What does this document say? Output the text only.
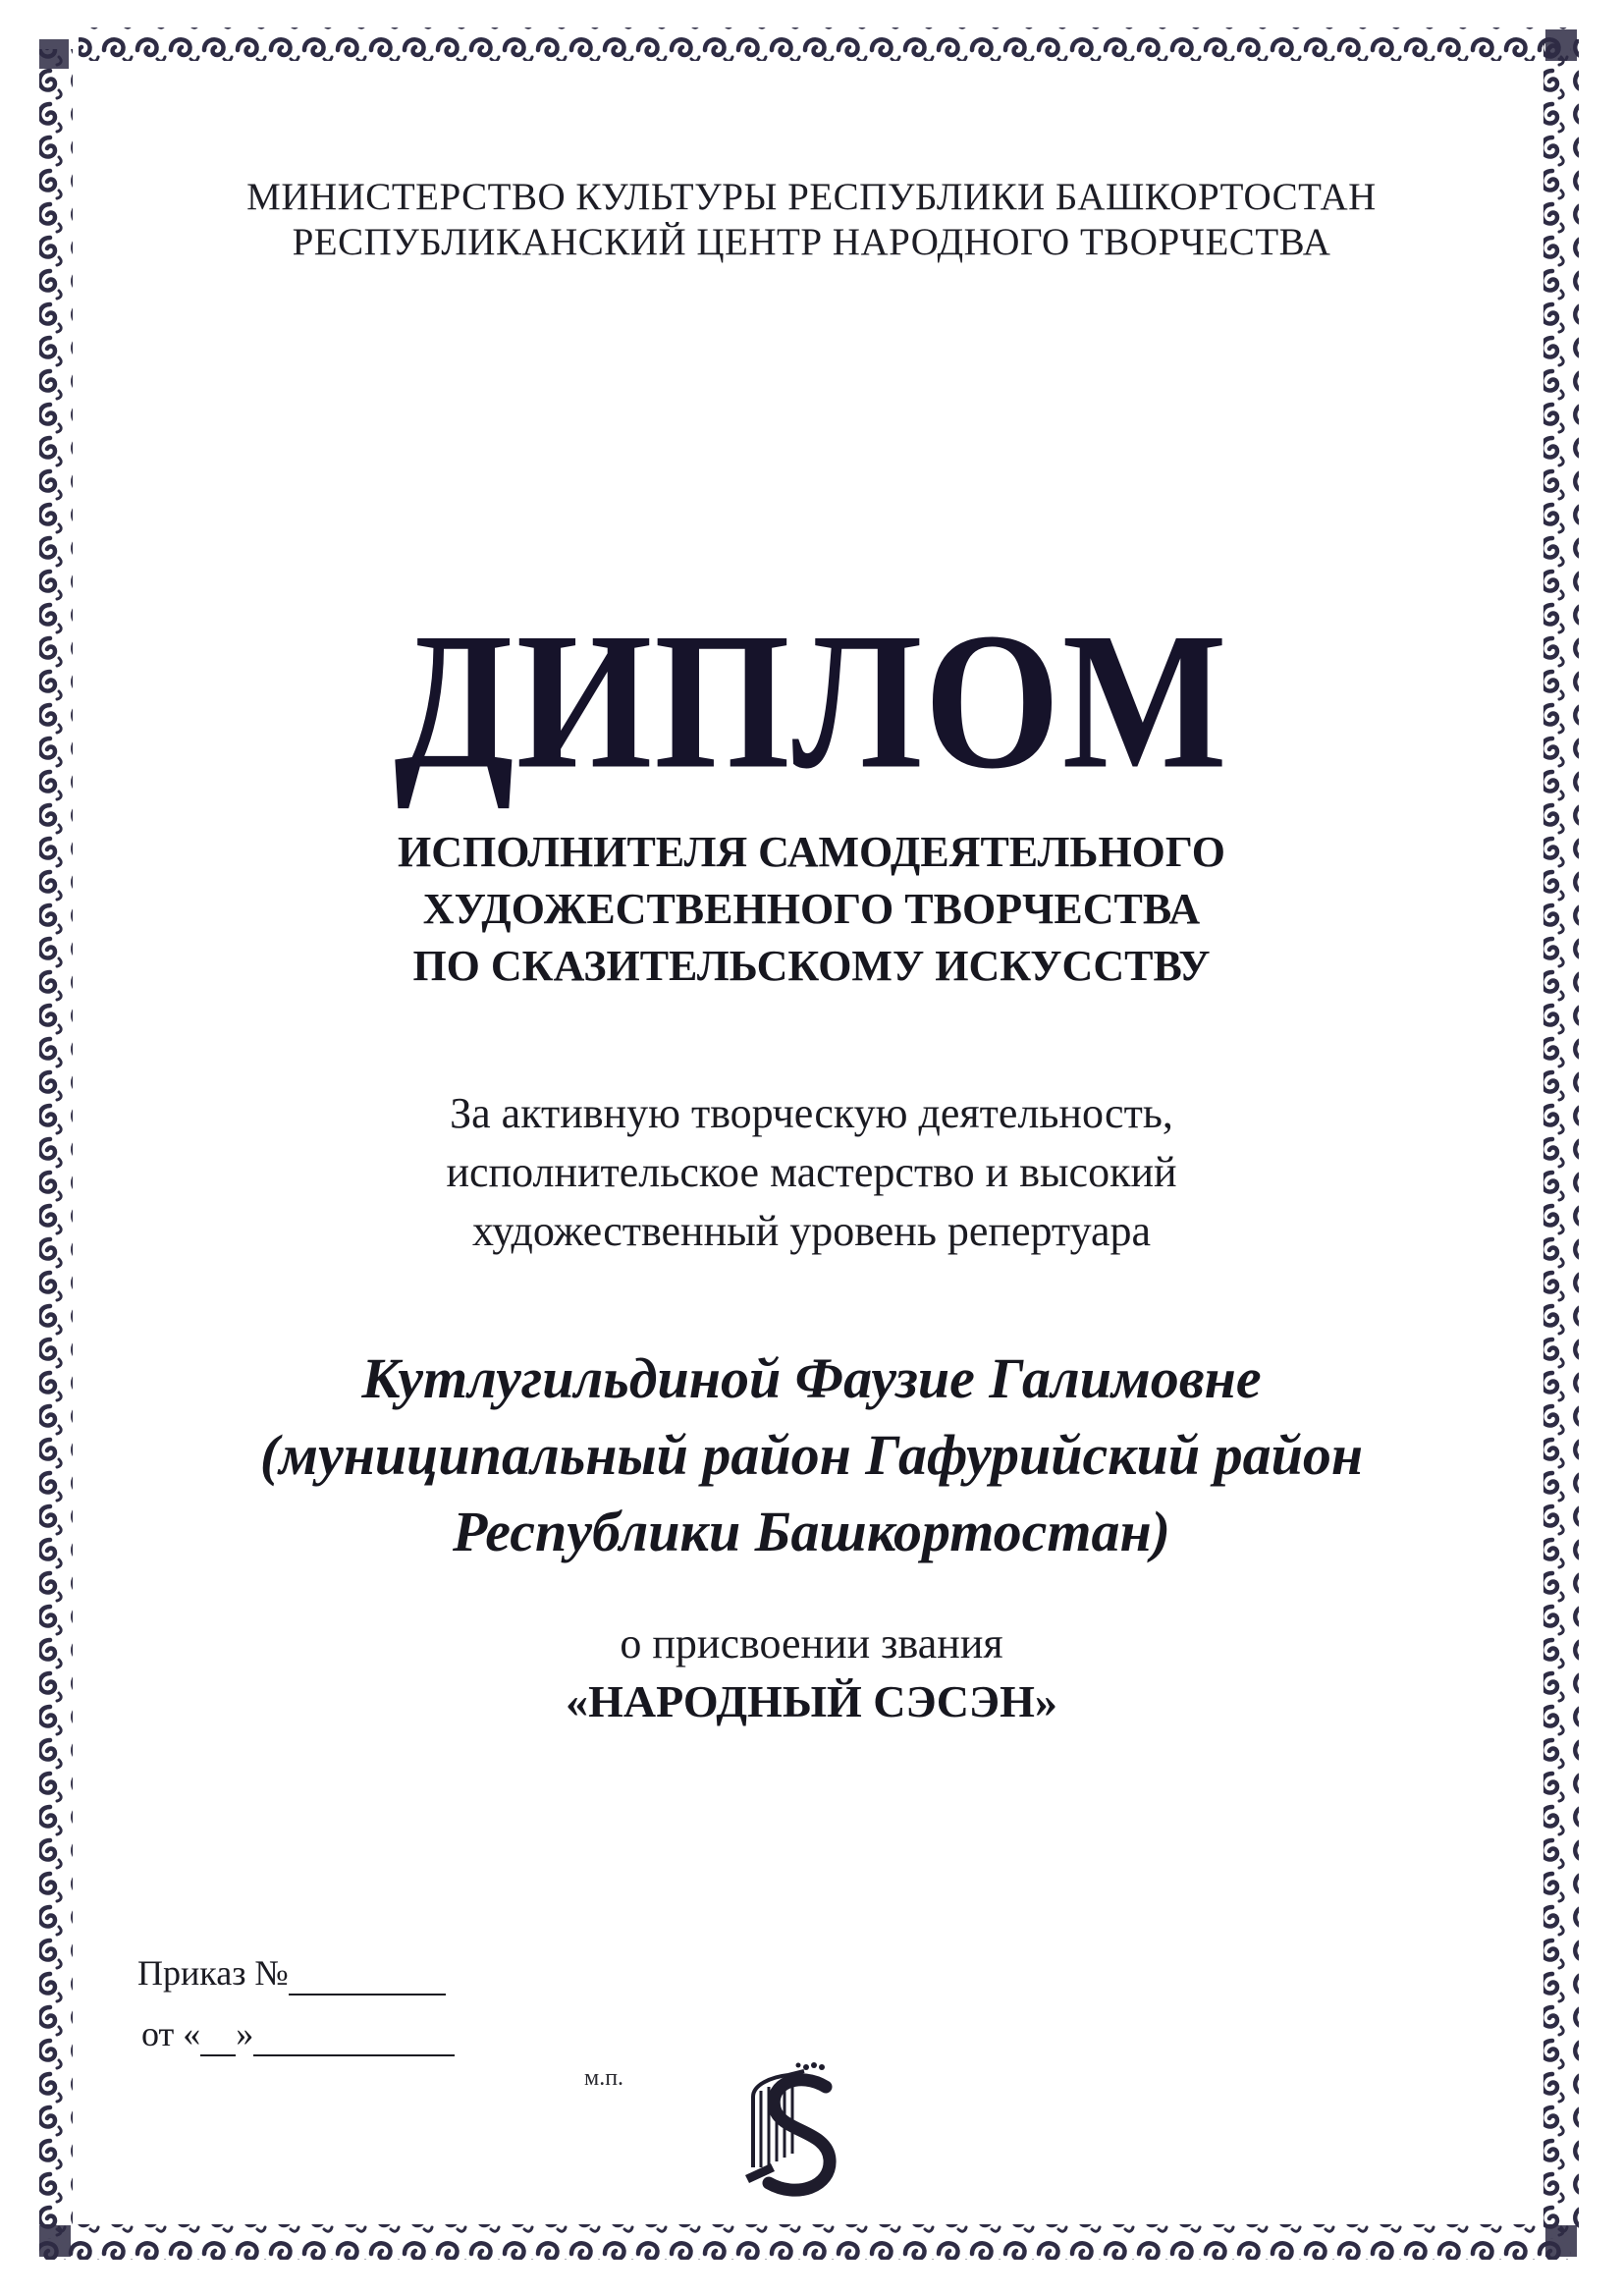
МИНИСТЕРСТВО КУЛЬТУРЫ РЕСПУБЛИКИ БАШКОРТОСТАН
РЕСПУБЛИКАНСКИЙ ЦЕНТР НАРОДНОГО ТВОРЧЕСТВА
ДИПЛОМ
ИСПОЛНИТЕЛЯ САМОДЕЯТЕЛЬНОГО
ХУДОЖЕСТВЕННОГО ТВОРЧЕСТВА
ПО СКАЗИТЕЛЬСКОМУ ИСКУССТВУ
За активную творческую деятельность,
исполнительское мастерство и высокий
художественный уровень репертуара
Кутлугильдиной Фаузие Галимовне
(муниципальный район Гафурийский район
Республики Башкортостан)
о присвоении звания
«НАРОДНЫЙ СЭСЭН»
Приказ №
от « »
м.п.
